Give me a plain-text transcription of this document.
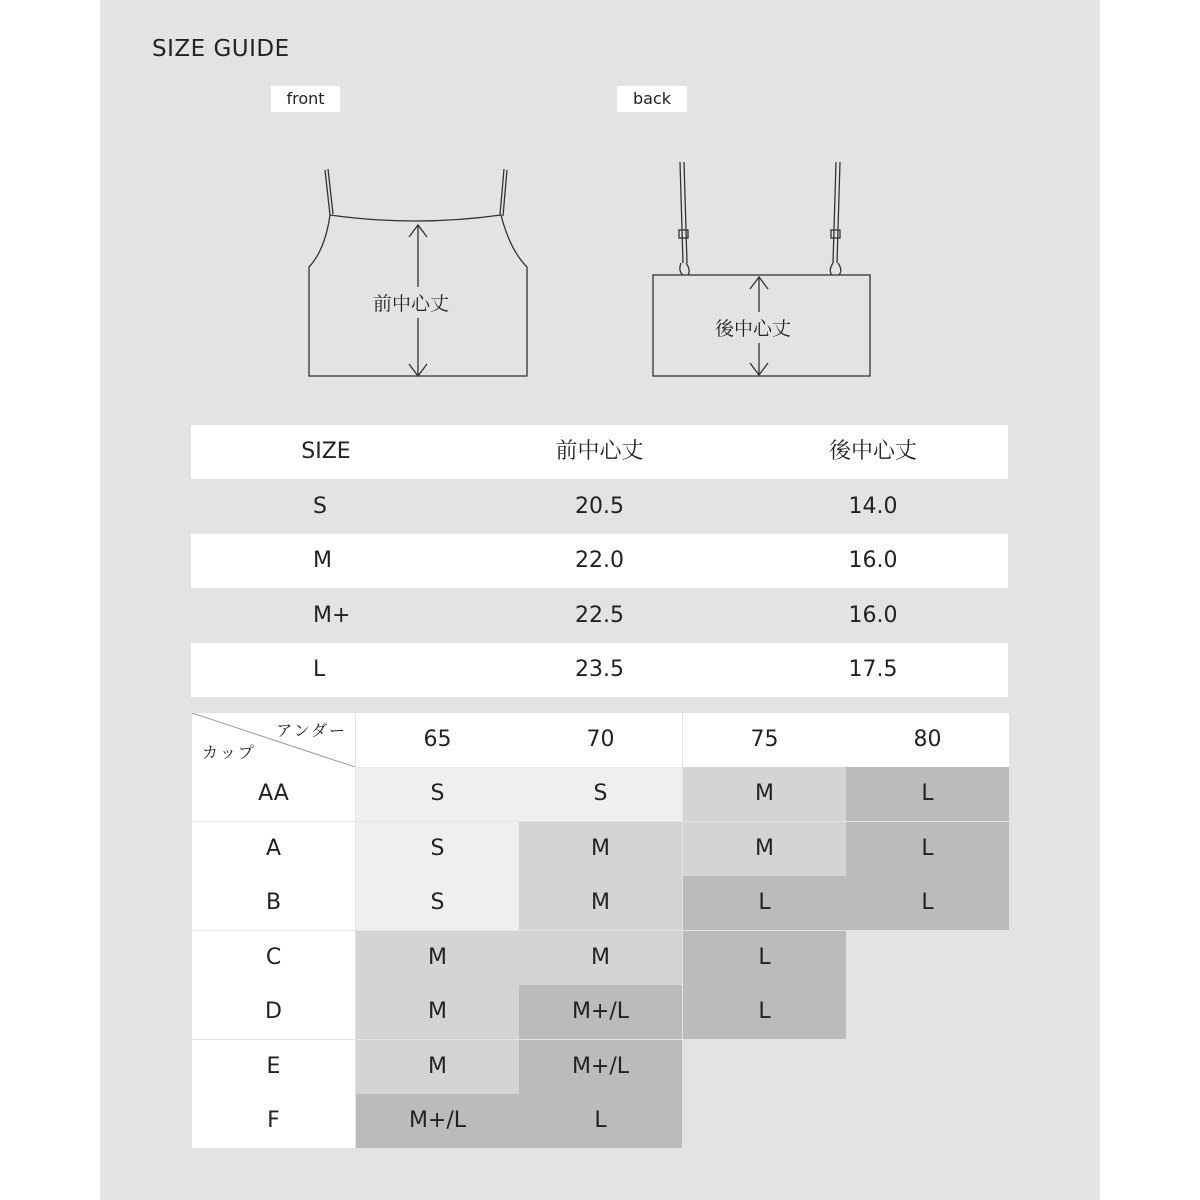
SIZE GUIDE
front	back
前中心丈
後中心丈
SIZE	前中心丈	後中心丈
S	20.5	14.0
M	22.0	16.0
M+	22.5	16.0
L	23.5	17.5
アンダー
カップ
65	70	75	80
AA	S	S	M	L
A	S	M	M	L
B	S	M	L	L
C	M	M	L
D	M	M+/L	L
E	M	M+/L
F	M+/L	L
